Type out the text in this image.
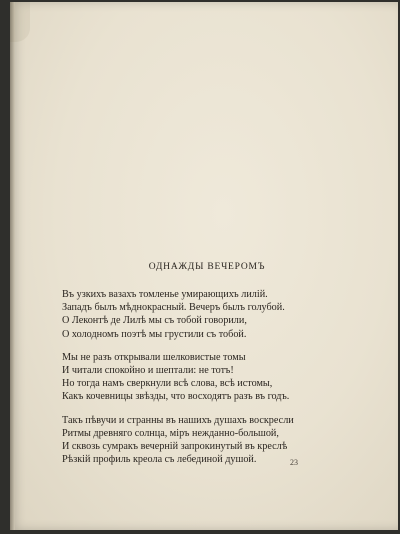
ОДНАЖДЫ ВЕЧЕРОМЪ
Въ узкихъ вазахъ томленье умирающихъ лилій.
Западъ былъ мѣднокрасный. Вечеръ былъ голубой.
О Леконтѣ де Лилѣ мы съ тобой говорили,
О холодномъ поэтѣ мы грустили съ тобой.
Мы не разъ открывали шелковистые томы
И читали спокойно и шептали: не тотъ!
Но тогда намъ сверкнули всѣ слова, всѣ истомы,
Какъ кочевницы звѣзды, что восходятъ разъ въ годъ.
Такъ пѣвучи и странны въ нашихъ душахъ воскресли
Ритмы древняго солнца, міръ нежданно-большой,
И сквозь сумракъ вечерній запрокинутый въ креслѣ
Рѣзкій профиль креола съ лебединой душой.	23
